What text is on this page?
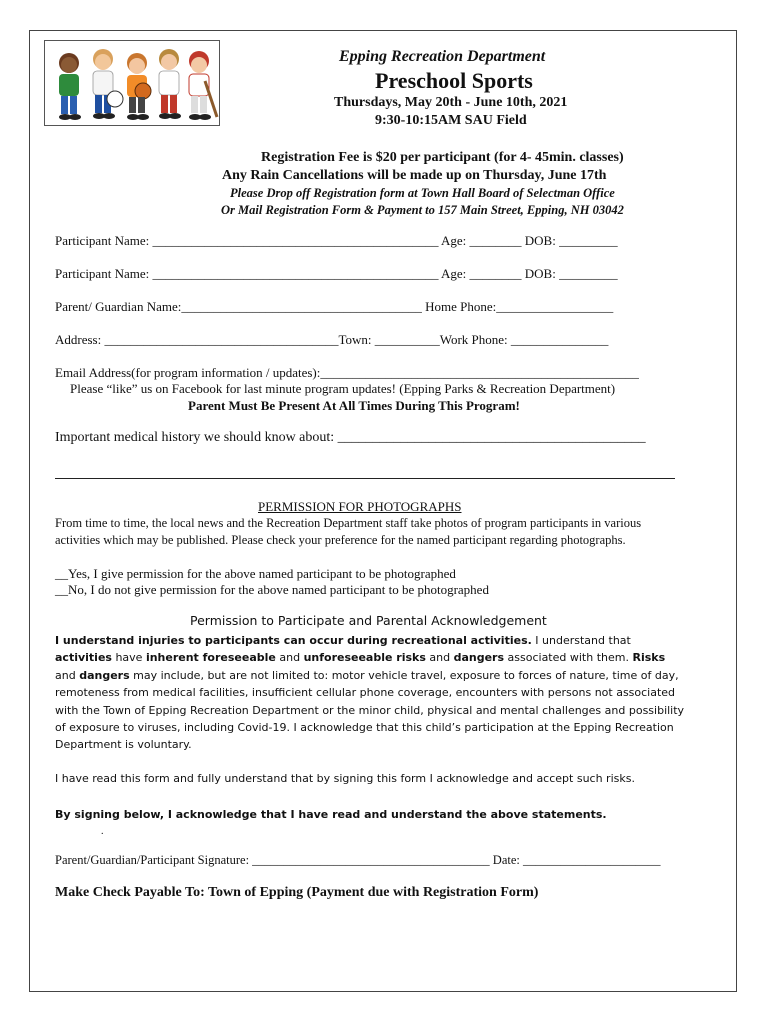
Epping Recreation Department
Preschool Sports
Thursdays, May 20th - June 10th, 2021
9:30-10:15AM SAU Field
Registration Fee is $20 per participant (for 4- 45min. classes)
Any Rain Cancellations will be made up on Thursday, June 17th
Please Drop off Registration form at Town Hall Board of Selectman Office
Or Mail Registration Form & Payment to 157 Main Street, Epping, NH 03042
Participant Name: ____________________________________________ Age: ________ DOB: _________
Participant Name: ____________________________________________ Age: ________ DOB: _________
Parent/ Guardian Name:_____________________________________ Home Phone:__________________
Address: ____________________________________Town: __________Work Phone: _______________
Email Address(for program information / updates):_________________________________________________
Please “like” us on Facebook for last minute program updates! (Epping Parks & Recreation Department)
Parent Must Be Present At All Times During This Program!
Important medical history we should know about: ____________________________________________
PERMISSION FOR PHOTOGRAPHS
From time to time, the local news and the Recreation Department staff take photos of program participants in various activities which may be published. Please check your preference for the named participant regarding photographs.
__Yes, I give permission for the above named participant to be photographed
__No, I do not give permission for the above named participant to be photographed
Permission to Participate and Parental Acknowledgement
I understand injuries to participants can occur during recreational activities. I understand that activities have inherent foreseeable and unforeseeable risks and dangers associated with them. Risks and dangers may include, but are not limited to: motor vehicle travel, exposure to forces of nature, time of day, remoteness from medical facilities, insufficient cellular phone coverage, encounters with persons not associated with the Town of Epping Recreation Department or the minor child, physical and mental challenges and possibility of exposure to viruses, including Covid-19. I acknowledge that this child’s participation at the Epping Recreation Department is voluntary.
I have read this form and fully understand that by signing this form I acknowledge and accept such risks.
By signing below, I acknowledge that I have read and understand the above statements.
.
Parent/Guardian/Participant Signature: ______________________________________ Date: ______________________
Make Check Payable To: Town of Epping (Payment due with Registration Form)
